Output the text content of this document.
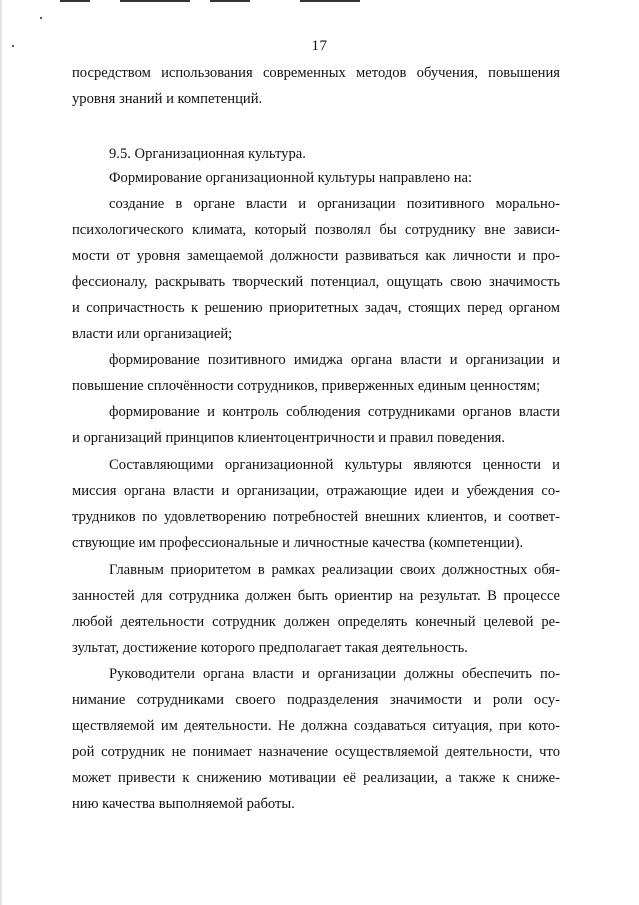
17
посредством использования современных методов обучения, повышения
уровня знаний и компетенций.
9.5. Организационная культура.
Формирование организационной культуры направлено на:
создание в органе власти и организации позитивного морально-
психологического климата, который позволял бы сотруднику вне зависи-
мости от уровня замещаемой должности развиваться как личности и про-
фессионалу, раскрывать творческий потенциал, ощущать свою значимость
и сопричастность к решению приоритетных задач, стоящих перед органом
власти или организацией;
формирование позитивного имиджа органа власти и организации и
повышение сплочённости сотрудников, приверженных единым ценностям;
формирование и контроль соблюдения сотрудниками органов власти
и организаций принципов клиентоцентричности и правил поведения.
Составляющими организационной культуры являются ценности и
миссия органа власти и организации, отражающие идеи и убеждения со-
трудников по удовлетворению потребностей внешних клиентов, и соответ-
ствующие им профессиональные и личностные качества (компетенции).
Главным приоритетом в рамках реализации своих должностных обя-
занностей для сотрудника должен быть ориентир на результат. В процессе
любой деятельности сотрудник должен определять конечный целевой ре-
зультат, достижение которого предполагает такая деятельность.
Руководители органа власти и организации должны обеспечить по-
нимание сотрудниками своего подразделения значимости и роли осу-
ществляемой им деятельности. Не должна создаваться ситуация, при кото-
рой сотрудник не понимает назначение осуществляемой деятельности, что
может привести к снижению мотивации её реализации, а также к сниже-
нию качества выполняемой работы.
